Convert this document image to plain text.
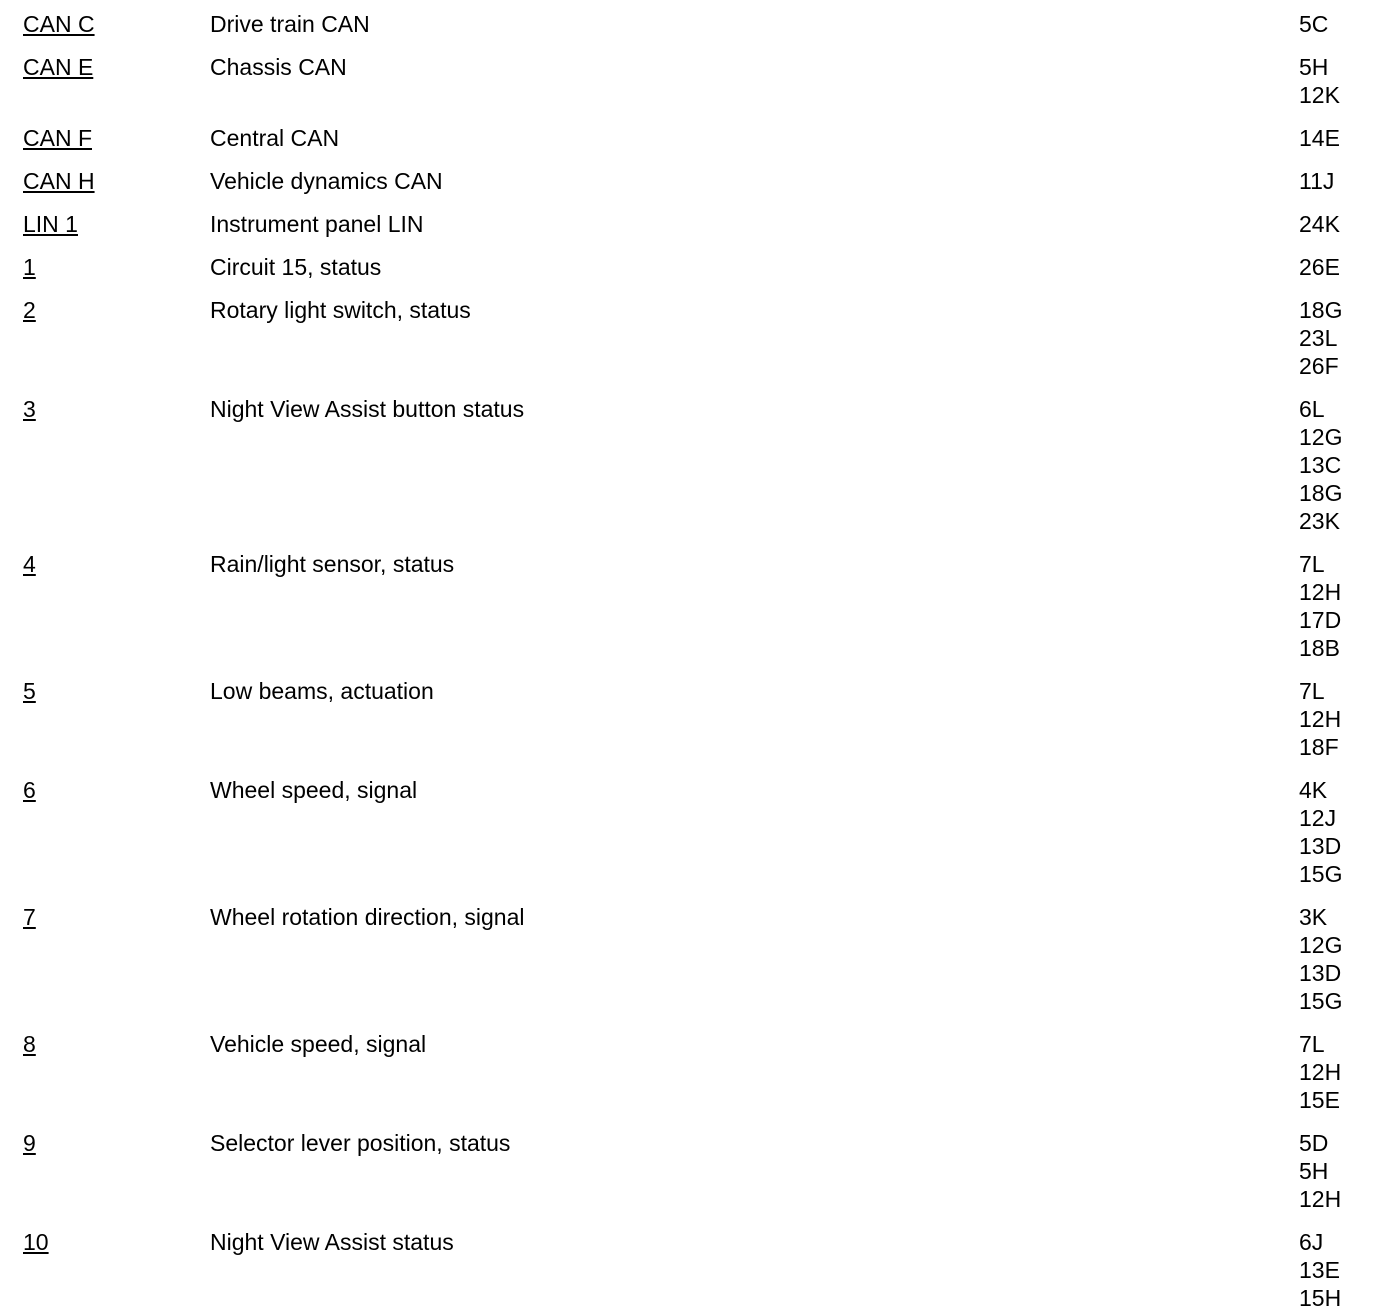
CAN C	Drive train CAN	5C
CAN E	Chassis CAN	5H
12K
CAN F	Central CAN	14E
CAN H	Vehicle dynamics CAN	11J
LIN 1	Instrument panel LIN	24K
1	Circuit 15, status	26E
2	Rotary light switch, status	18G
23L
26F
3	Night View Assist button status	6L
12G
13C
18G
23K
4	Rain/light sensor, status	7L
12H
17D
18B
5	Low beams, actuation	7L
12H
18F
6	Wheel speed, signal	4K
12J
13D
15G
7	Wheel rotation direction, signal	3K
12G
13D
15G
8	Vehicle speed, signal	7L
12H
15E
9	Selector lever position, status	5D
5H
12H
10	Night View Assist status	6J
13E
15H
